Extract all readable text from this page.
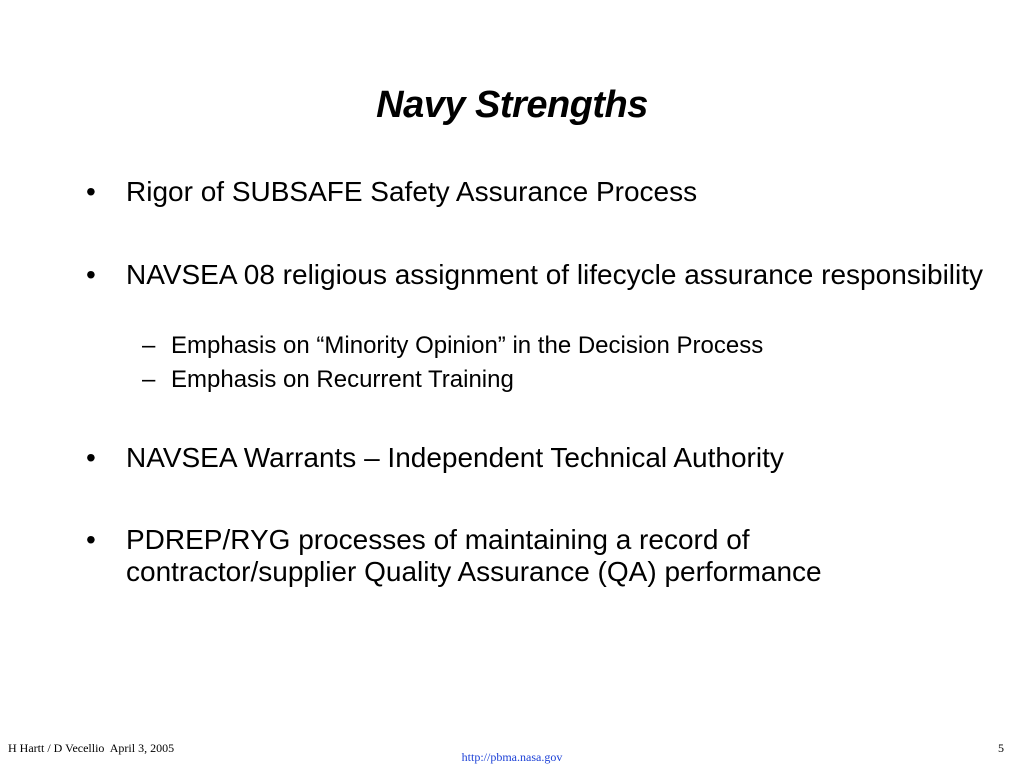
Navy Strengths
•	Rigor of SUBSAFE Safety Assurance Process
•	NAVSEA 08 religious assignment of lifecycle assurance responsibility
– Emphasis on “Minority Opinion” in the Decision Process
– Emphasis on Recurrent Training
•	NAVSEA Warrants – Independent Technical Authority
•	PDREP/RYG processes of maintaining a record of contractor/supplier Quality Assurance (QA) performance
H Hartt / D Vecellio  April 3, 2005
http://pbma.nasa.gov
5
